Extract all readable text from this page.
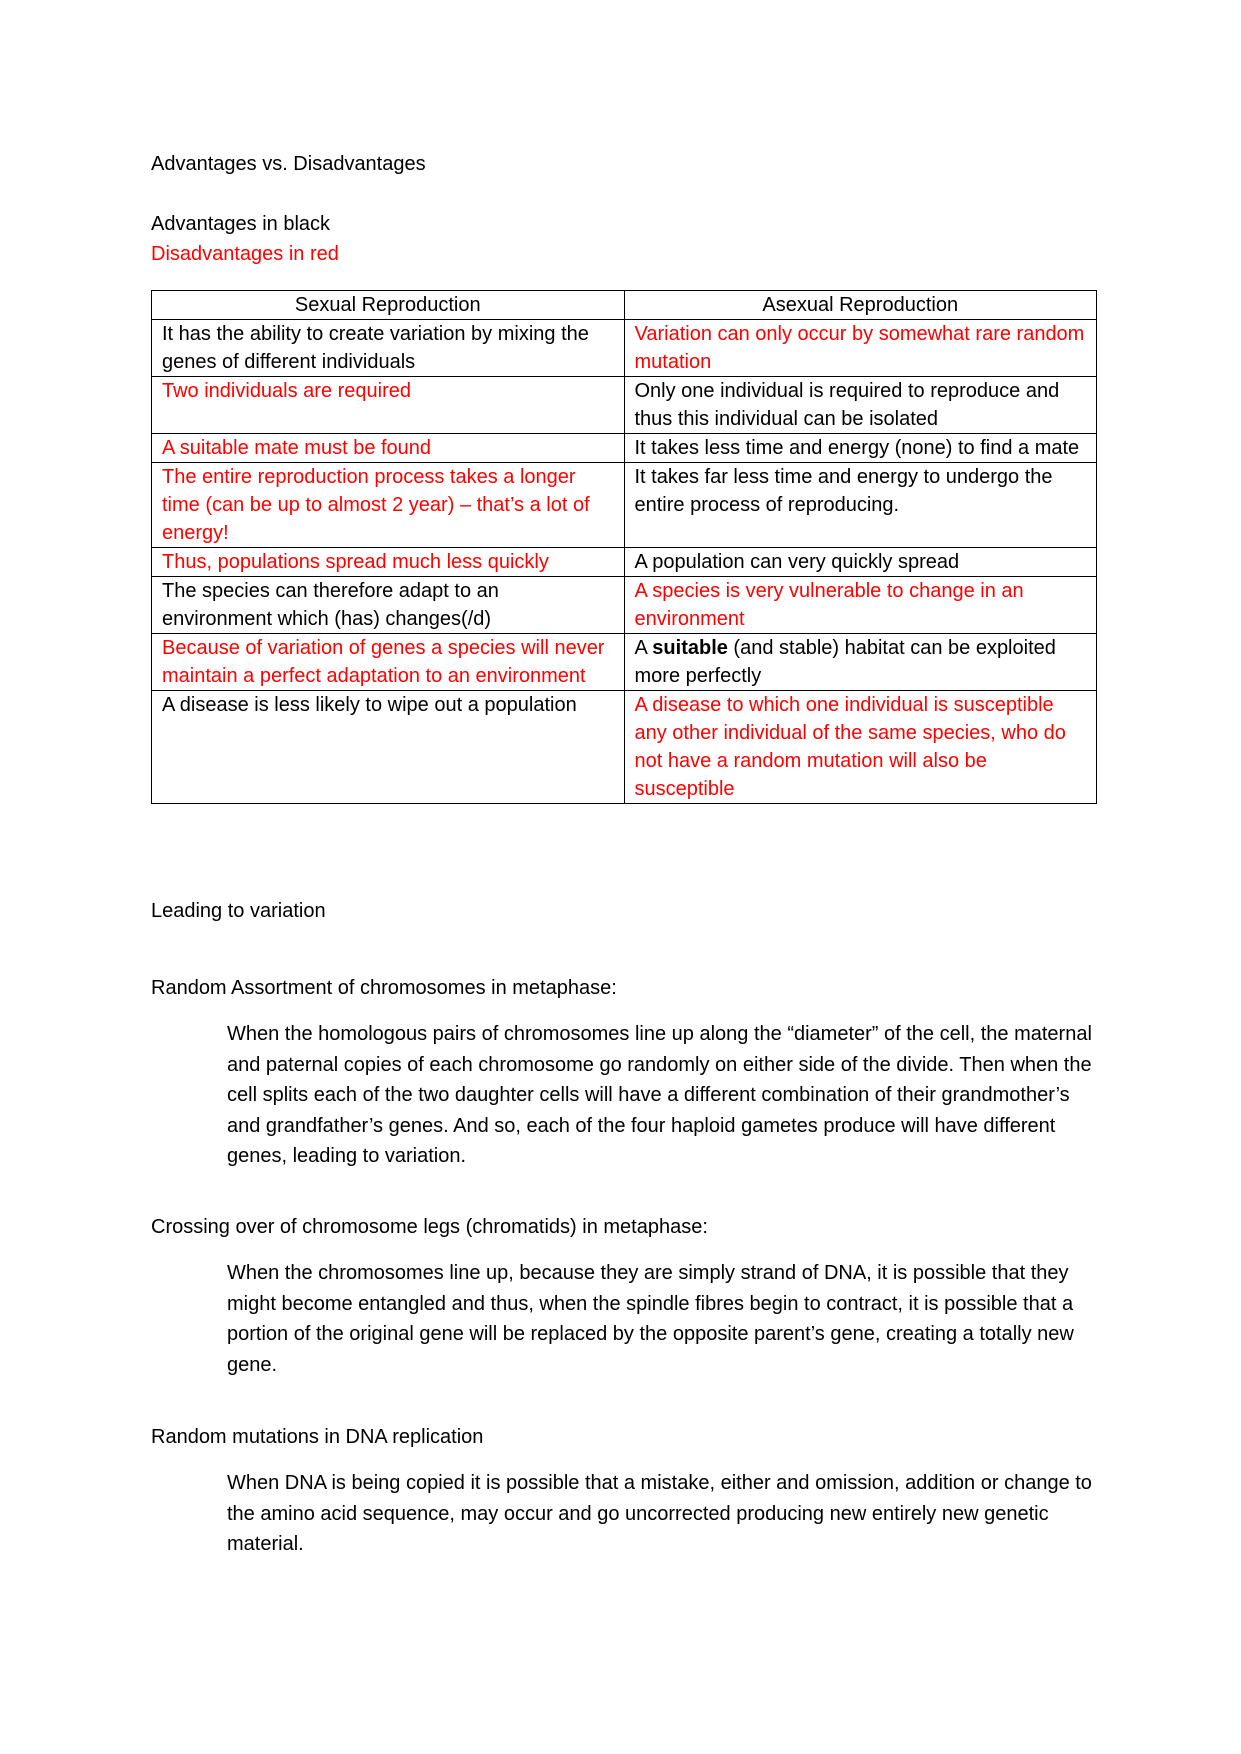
Advantages vs. Disadvantages
Advantages in black
Disadvantages in red
Sexual Reproduction	Asexual Reproduction
It has the ability to create variation by mixing the genes of different individuals	Variation can only occur by somewhat rare random mutation
Two individuals are required	Only one individual is required to reproduce and thus this individual can be isolated
A suitable mate must be found	It takes less time and energy (none) to find a mate
The entire reproduction process takes a longer time (can be up to almost 2 year) – that’s a lot of energy!	It takes far less time and energy to undergo the entire process of reproducing.
Thus, populations spread much less quickly	A population can very quickly spread
The species can therefore adapt to an environment which (has) changes(/d)	A species is very vulnerable to change in an environment
Because of variation of genes a species will never maintain a perfect adaptation to an environment	A suitable (and stable) habitat can be exploited more perfectly
A disease is less likely to wipe out a population	A disease to which one individual is susceptible any other individual of the same species, who do not have a random mutation will also be susceptible
Leading to variation
Random Assortment of chromosomes in metaphase:
When the homologous pairs of chromosomes line up along the “diameter” of the cell, the maternal and paternal copies of each chromosome go randomly on either side of the divide. Then when the cell splits each of the two daughter cells will have a different combination of their grandmother’s and grandfather’s genes. And so, each of the four haploid gametes produce will have different genes, leading to variation.
Crossing over of chromosome legs (chromatids) in metaphase:
When the chromosomes line up, because they are simply strand of DNA, it is possible that they might become entangled and thus, when the spindle fibres begin to contract, it is possible that a portion of the original gene will be replaced by the opposite parent’s gene, creating a totally new gene.
Random mutations in DNA replication
When DNA is being copied it is possible that a mistake, either and omission, addition or change to the amino acid sequence, may occur and go uncorrected producing new entirely new genetic material.
